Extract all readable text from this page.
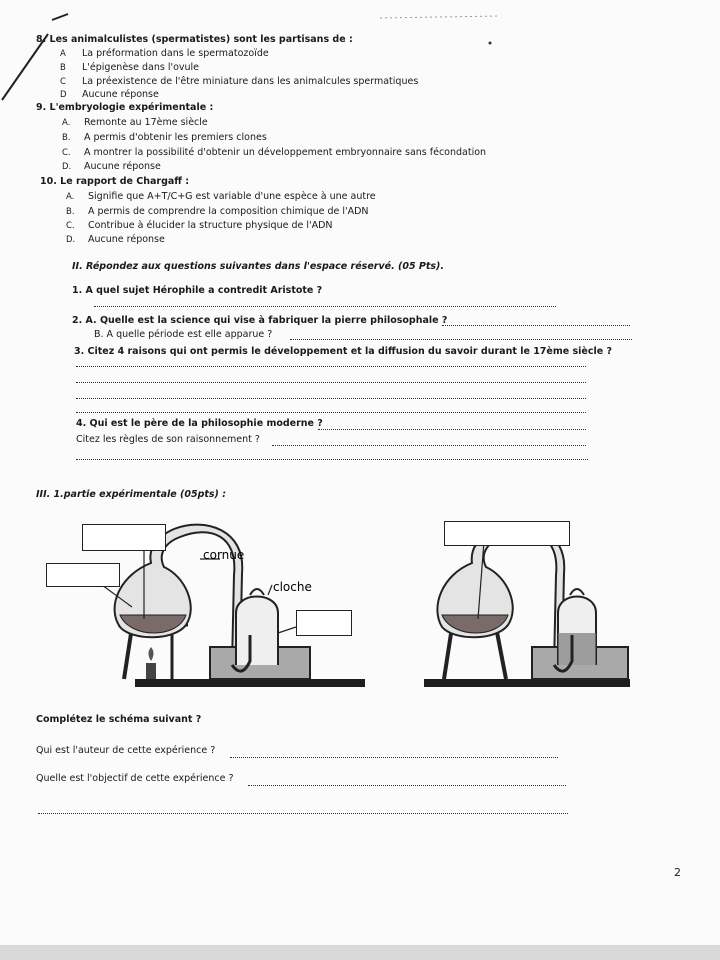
8. Les animalculistes (spermatistes) sont les partisans de :
A La préformation dans le spermatozoïde
B L'épigenèse dans l'ovule
C La préexistence de l'être miniature dans les animalcules spermatiques
D Aucune réponse
9. L'embryologie expérimentale :
A. Remonte au 17ème siècle
B. A permis d'obtenir les premiers clones
C. A montrer la possibilité d'obtenir un développement embryonnaire sans fécondation
D. Aucune réponse
10. Le rapport de Chargaff :
A. Signifie que A+T/C+G est variable d'une espèce à une autre
B. A permis de comprendre la composition chimique de l'ADN
C. Contribue à élucider la structure physique de l'ADN
D. Aucune réponse
II. Répondez aux questions suivantes dans l'espace réservé. (05 Pts).
1. A quel sujet Hérophile a contredit Aristote ?
2. A. Quelle est la science qui vise à fabriquer la pierre philosophale ?
B. A quelle période est elle apparue ?
3. Citez 4 raisons qui ont permis le développement et la diffusion du savoir durant le 17ème siècle ?
4. Qui est le père de la philosophie moderne ?
Citez les règles de son raisonnement ?
III. 1.partie expérimentale (05pts) :
cornue
cloche
Complétez le schéma suivant ?
Qui est l'auteur de cette expérience ?
Quelle est l'objectif de cette expérience ?
2
